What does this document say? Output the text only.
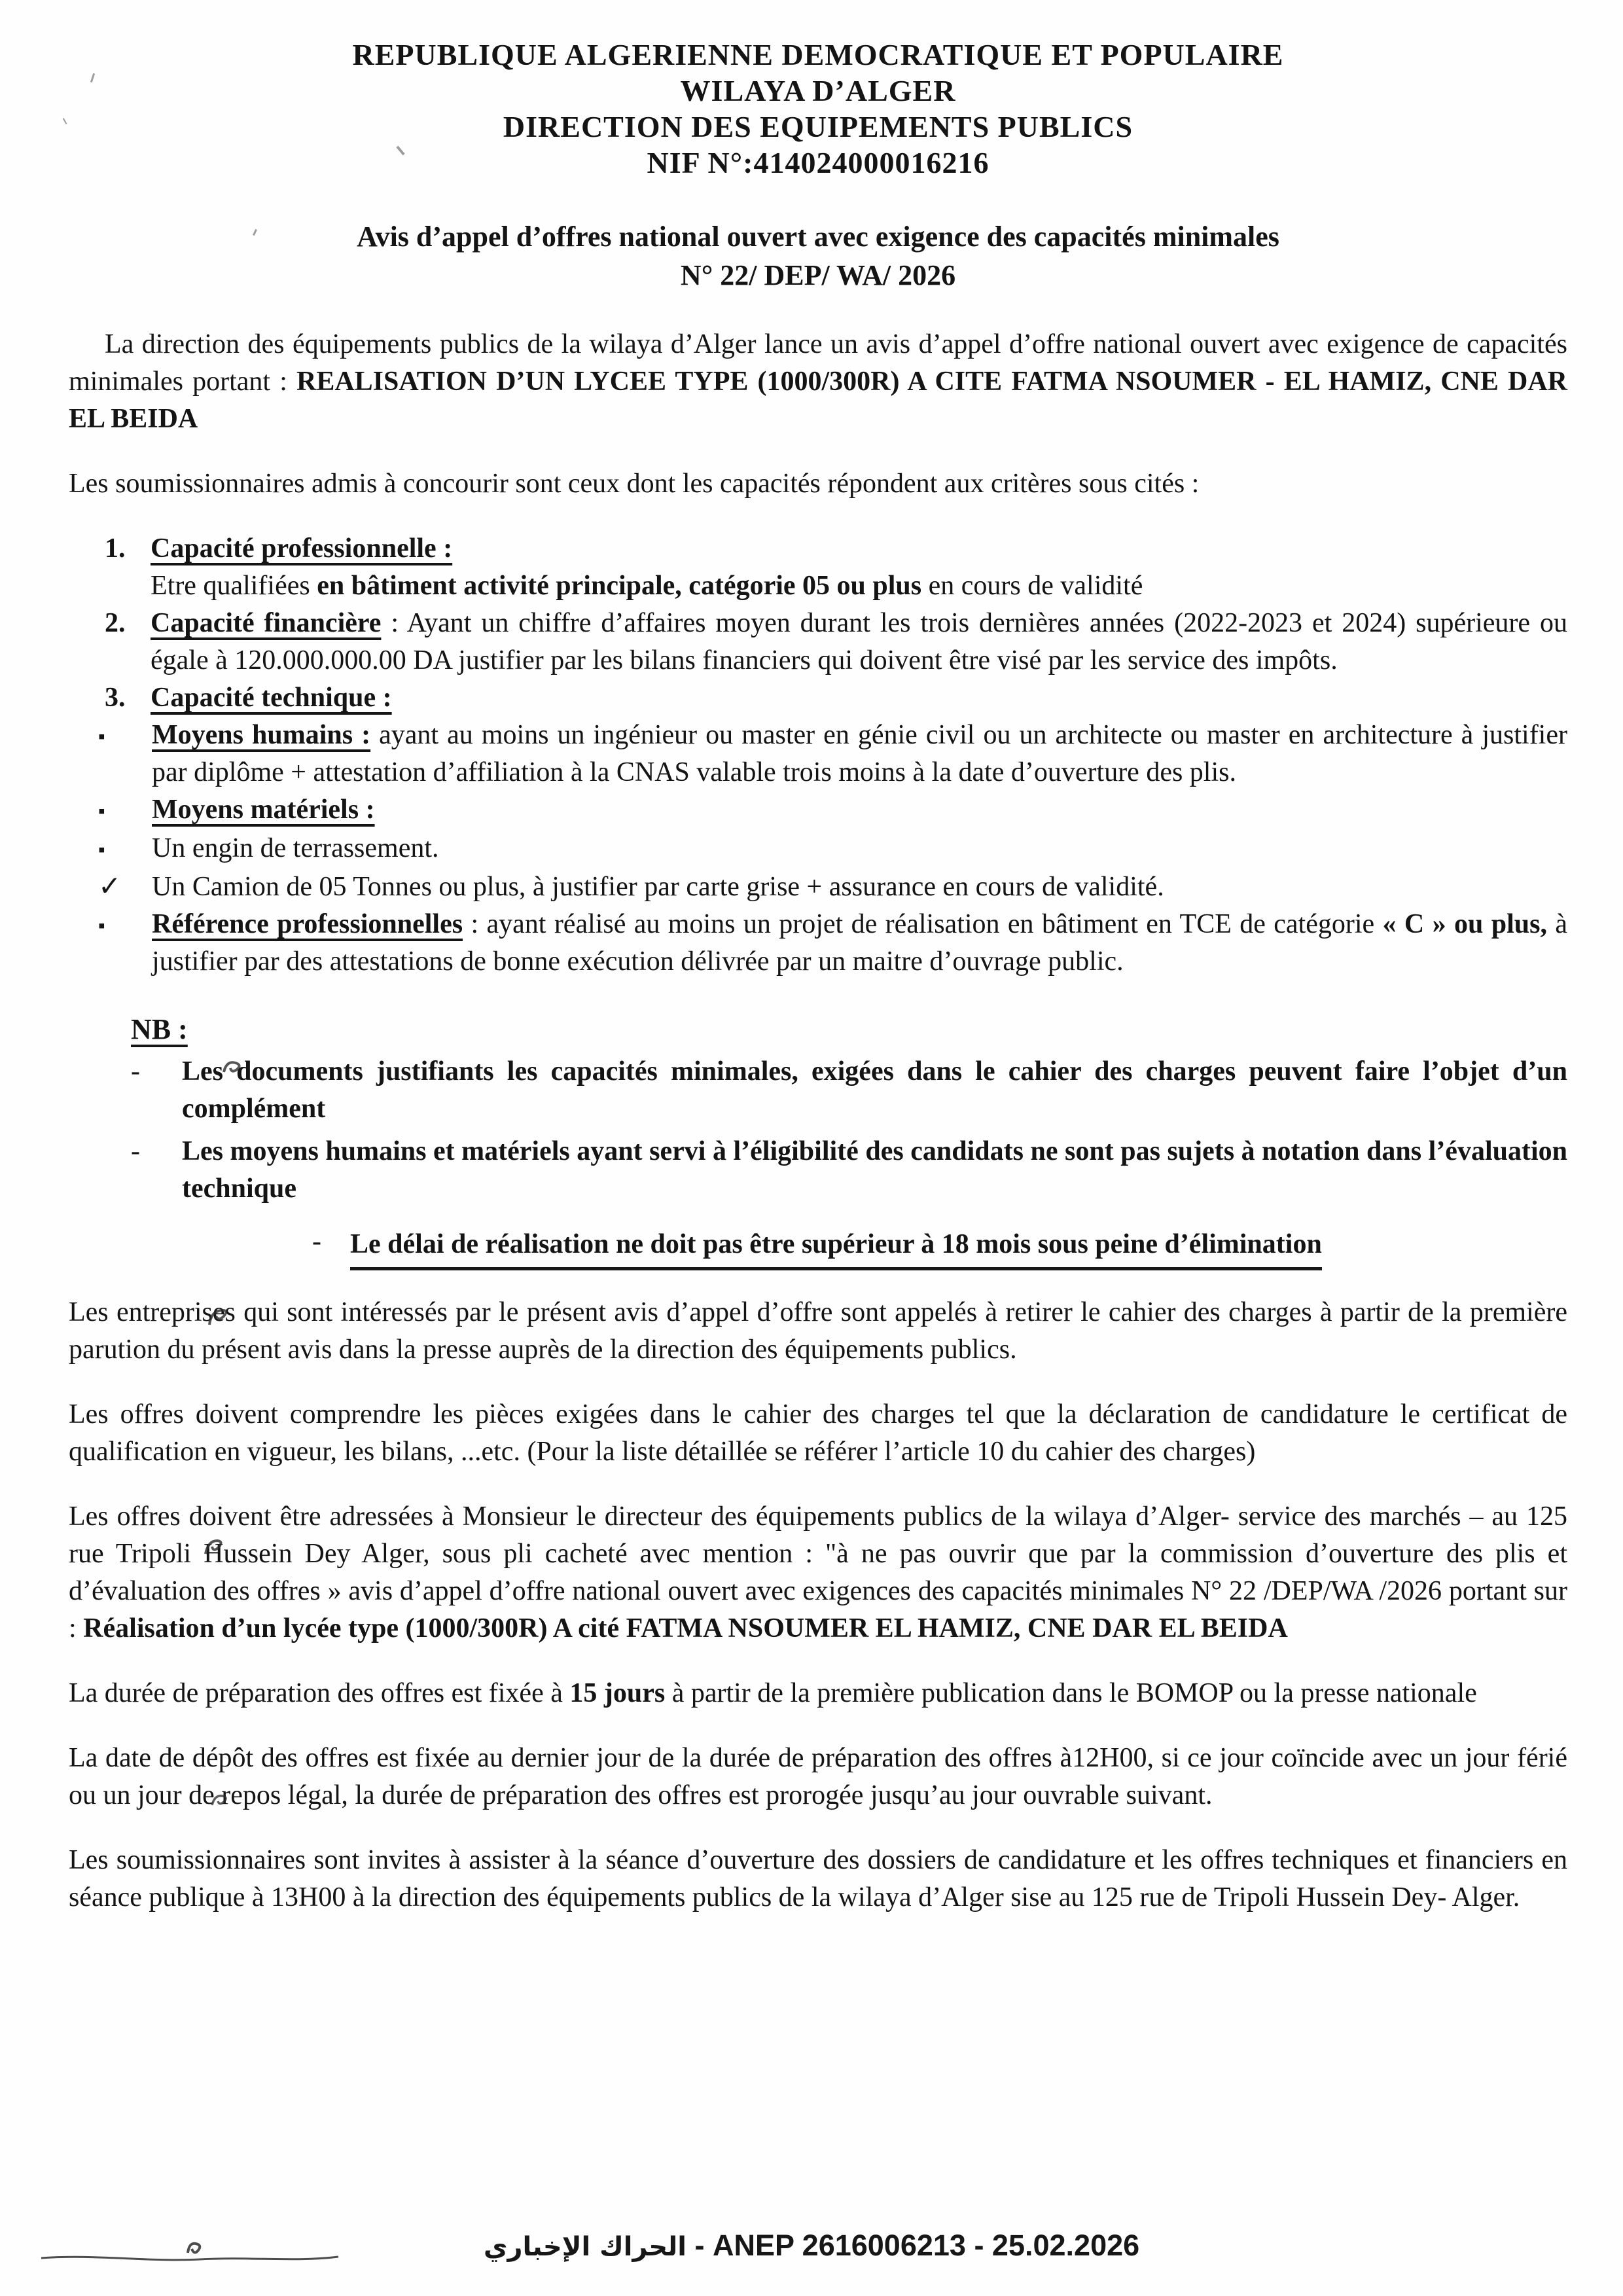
REPUBLIQUE ALGERIENNE DEMOCRATIQUE ET POPULAIRE
WILAYA D’ALGER
DIRECTION DES EQUIPEMENTS PUBLICS
NIF N°:414024000016216
Avis d’appel d’offres national ouvert avec exigence des capacités minimales
N° 22/ DEP/ WA/ 2026

La direction des équipements publics de la wilaya d’Alger lance un avis d’appel d’offre national ouvert avec exigence de capacités minimales portant : REALISATION D’UN LYCEE TYPE (1000/300R) A CITE FATMA NSOUMER - EL HAMIZ, CNE DAR EL BEIDA

Les soumissionnaires admis à concourir sont ceux dont les capacités répondent aux critères sous cités :

1. Capacité professionnelle :
Etre qualifiées en bâtiment activité principale, catégorie 05 ou plus en cours de validité
2. Capacité financière : Ayant un chiffre d’affaires moyen durant les trois dernières années (2022-2023 et 2024) supérieure ou égale à 120.000.000.00 DA justifier par les bilans financiers qui doivent être visé par les service des impôts.
3. Capacité technique :
▪	Moyens humains : ayant au moins un ingénieur ou master en génie civil ou un architecte ou master en architecture à justifier par diplôme + attestation d’affiliation à la CNAS valable trois moins à la date d’ouverture des plis.
▪	Moyens matériels :
▪	Un engin de terrassement.
✓	Un Camion de 05 Tonnes ou plus, à justifier par carte grise + assurance en cours de validité.
▪	Référence professionnelles : ayant réalisé au moins un projet de réalisation en bâtiment en TCE de catégorie « C » ou plus, à justifier par des attestations de bonne exécution délivrée par un maitre d’ouvrage public.
NB :
-	Les documents justifiants les capacités minimales, exigées dans le cahier des charges peuvent faire l’objet d’un complément
-	Les moyens humains et matériels ayant servi à l’éligibilité des candidats ne sont pas sujets à notation dans l’évaluation technique
-	Le délai de réalisation ne doit pas être supérieur à 18 mois sous peine d’élimination

Les entreprises qui sont intéressés par le présent avis d’appel d’offre sont appelés à retirer le cahier des charges à partir de la première parution du présent avis dans la presse auprès de la direction des équipements publics.

Les offres doivent comprendre les pièces exigées dans le cahier des charges tel que la déclaration de candidature le certificat de qualification en vigueur, les bilans, ...etc. (Pour la liste détaillée se référer l’article 10 du cahier des charges)

Les offres doivent être adressées à Monsieur le directeur des équipements publics de la wilaya d’Alger- service des marchés – au 125 rue Tripoli Hussein Dey Alger, sous pli cacheté avec mention : "à ne pas ouvrir que par la commission d’ouverture des plis et d’évaluation des offres » avis d’appel d’offre national ouvert avec exigences des capacités minimales N° 22 /DEP/WA /2026 portant sur : Réalisation d’un lycée type (1000/300R) A cité FATMA NSOUMER EL HAMIZ, CNE DAR EL BEIDA

La durée de préparation des offres est fixée à 15 jours à partir de la première publication dans le BOMOP ou la presse nationale

La date de dépôt des offres est fixée au dernier jour de la durée de préparation des offres à12H00, si ce jour coïncide avec un jour férié ou un jour de repos légal, la durée de préparation des offres est prorogée jusqu’au jour ouvrable suivant.

Les soumissionnaires sont invites à assister à la séance d’ouverture des dossiers de candidature et les offres techniques et financiers en séance publique à 13H00 à la direction des équipements publics de la wilaya d’Alger sise au 125 rue de Tripoli Hussein Dey- Alger.

الحراك الإخباري - ANEP 2616006213 - 25.02.2026
